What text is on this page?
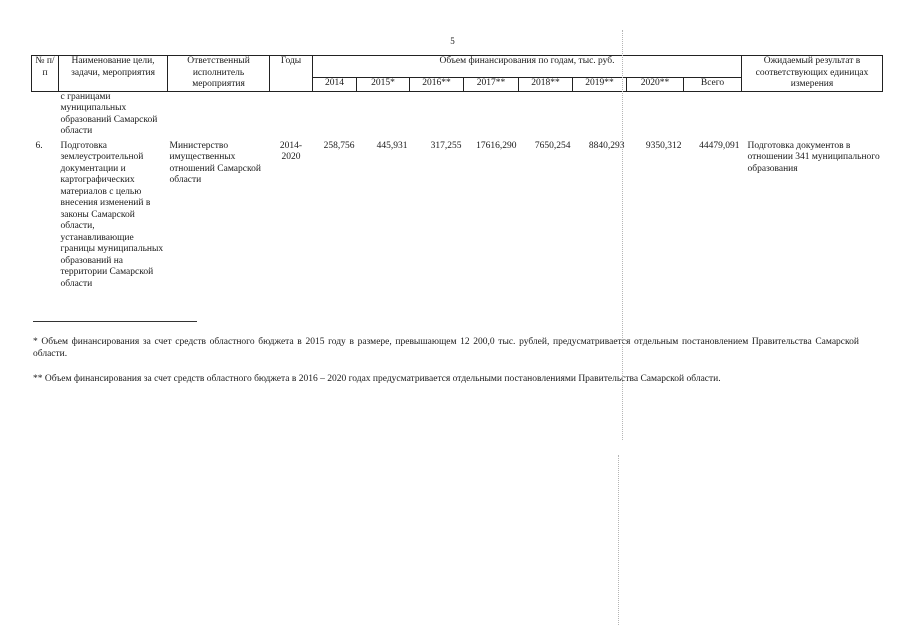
5
№ п/п	Наименование цели, задачи, мероприятия	Ответственный исполнитель мероприятия	Годы	Объем финансирования по годам, тыс. руб.								Ожидаемый результат в соответствующих единицах измерения
				2014	2015*	2016**	2017**	2018**	2019**	2020**	Всего	
	с границами муниципальных образований Самарской области											
6.	Подготовка землеустроительной документации и картографических материалов с целью внесения изменений в законы Самарской области, устанавливающие границы муниципальных образований на территории Самарской области	Министерство имущественных отношений Самарской области	2014-2020	258,756	445,931	317,255	17616,290	7650,254	8840,293	9350,312	44479,091	Подготовка документов в отношении 341 муниципального образования
* Объем финансирования за счет средств областного бюджета в 2015 году в размере, превышающем 12 200,0 тыс. рублей, предусматривается отдельным постановлением Правительства Самарской области.
** Объем финансирования за счет средств областного бюджета в 2016 – 2020 годах предусматривается отдельными постановлениями Правительства Самарской области.
